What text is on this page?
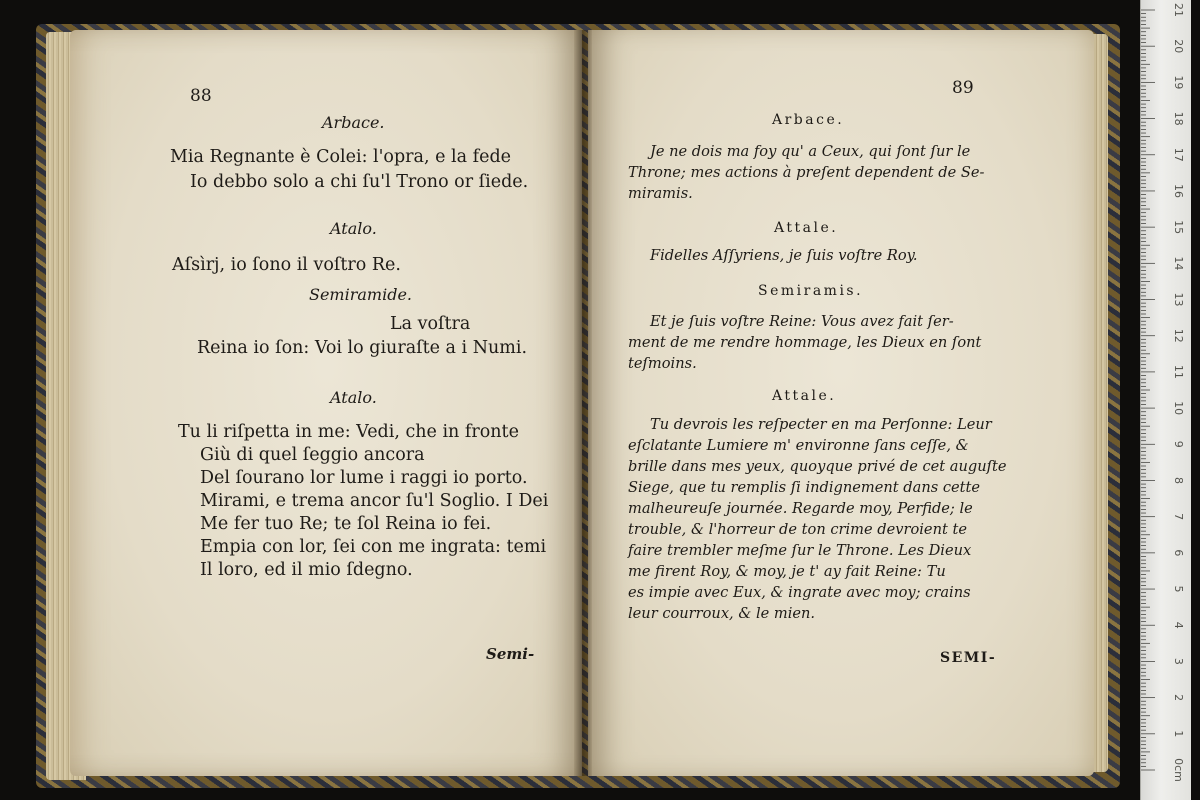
88
Arbace.
Mia Regnante è Colei: l'opra, e la fede
Io debbo solo a chi ſu'l Trono or ſiede.
Atalo.
Aſsìrj, io ſono il voſtro Re.
Semiramide.
La voſtra
Reina io ſon: Voi lo giuraſte a i Numi.
Atalo.
Tu li riſpetta in me: Vedi, che in fronte
Giù di quel ſeggio ancora
Del ſourano lor lume i raggi io porto.
Mirami, e trema ancor ſu'l Soglio. I Dei
Me fer tuo Re; te ſol Reina io fei.
Empia con lor, ſei con me ingrata: temi
Il loro, ed il mio ſdegno.
Semi-
89
Arbace.
Je ne dois ma foy qu' a Ceux, qui ſont ſur le
Throne; mes actions à preſent dependent de Se-
miramis.
Attale.
Fidelles Aſſyriens, je ſuis voſtre Roy.
Semiramis.
Et je ſuis voſtre Reine: Vous avez fait ſer-
ment de me rendre hommage, les Dieux en ſont
teſmoins.
Attale.
Tu devrois les reſpecter en ma Perſonne: Leur
eſclatante Lumiere m' environne ſans ceſſe, &
brille dans mes yeux, quoyque privé de cet auguſte
Siege, que tu remplis ſi indignement dans cette
malheureuſe journée. Regarde moy, Perfide; le
trouble, & l'horreur de ton crime devroient te
faire trembler meſme ſur le Throne. Les Dieux
me firent Roy, & moy, je t' ay fait Reine: Tu
es impie avec Eux, & ingrate avec moy; crains
leur courroux, & le mien.
SEMI-
21
20
19
18
17
16
15
14
13
12
11
10
9
8
7
6
5
4
3
2
1
0cm
